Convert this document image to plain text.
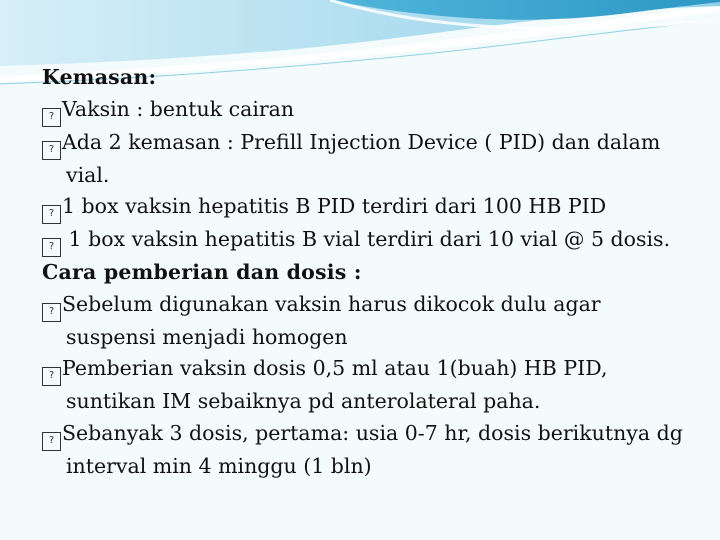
Kemasan:
? Vaksin : bentuk cairan
? Ada 2 kemasan : Prefill Injection Device ( PID) dan dalam
vial.
? 1 box vaksin hepatitis B PID terdiri dari 100 HB PID
? 1 box vaksin hepatitis B vial terdiri dari 10 vial @ 5 dosis.
Cara pemberian dan dosis :
? Sebelum digunakan vaksin harus dikocok dulu agar
suspensi menjadi homogen
? Pemberian vaksin dosis 0,5 ml atau 1(buah) HB PID,
suntikan IM sebaiknya pd anterolateral paha.
? Sebanyak 3 dosis, pertama: usia 0-7 hr, dosis berikutnya dg
interval min 4 minggu (1 bln)
